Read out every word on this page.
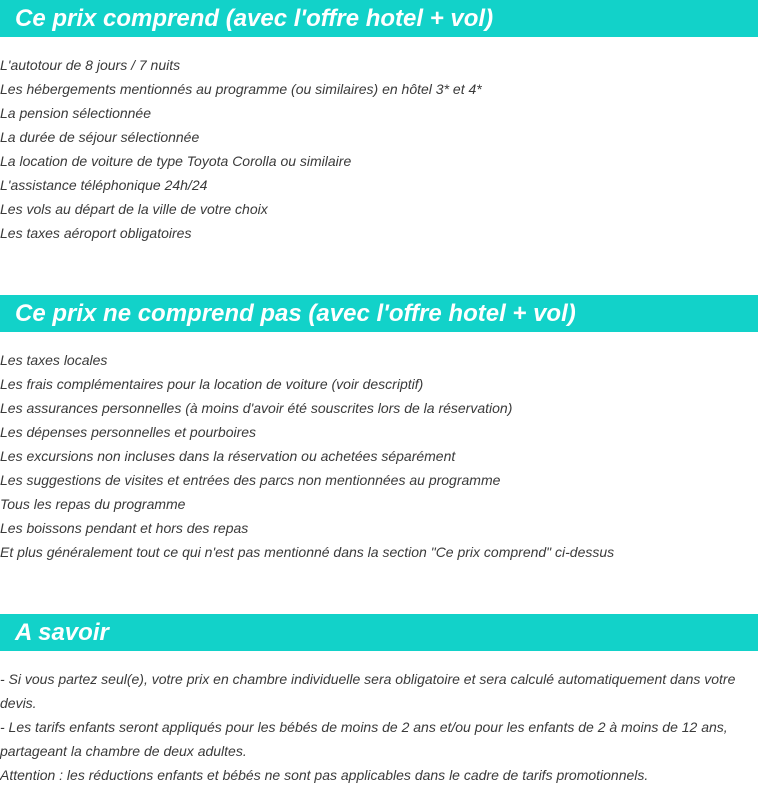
Ce prix comprend (avec l'offre hotel + vol)
L'autotour de 8 jours / 7 nuits
Les hébergements mentionnés au programme (ou similaires) en hôtel 3* et 4*
La pension sélectionnée
La durée de séjour sélectionnée
La location de voiture de type Toyota Corolla ou similaire
L'assistance téléphonique 24h/24
Les vols au départ de la ville de votre choix
Les taxes aéroport obligatoires
Ce prix ne comprend pas (avec l'offre hotel + vol)
Les taxes locales
Les frais complémentaires pour la location de voiture (voir descriptif)
Les assurances personnelles (à moins d'avoir été souscrites lors de la réservation)
Les dépenses personnelles et pourboires
Les excursions non incluses dans la réservation ou achetées séparément
Les suggestions de visites et entrées des parcs non mentionnées au programme
Tous les repas du programme
Les boissons pendant et hors des repas
Et plus généralement tout ce qui n'est pas mentionné dans la section "Ce prix comprend" ci-dessus
A savoir

- Si vous partez seul(e), votre prix en chambre individuelle sera obligatoire et sera calculé automatiquement dans votre devis.

- Les tarifs enfants seront appliqués pour les bébés de moins de 2 ans et/ou pour les enfants de 2 à moins de 12 ans, partageant la chambre de deux adultes.

Attention : les réductions enfants et bébés ne sont pas applicables dans le cadre de tarifs promotionnels.
